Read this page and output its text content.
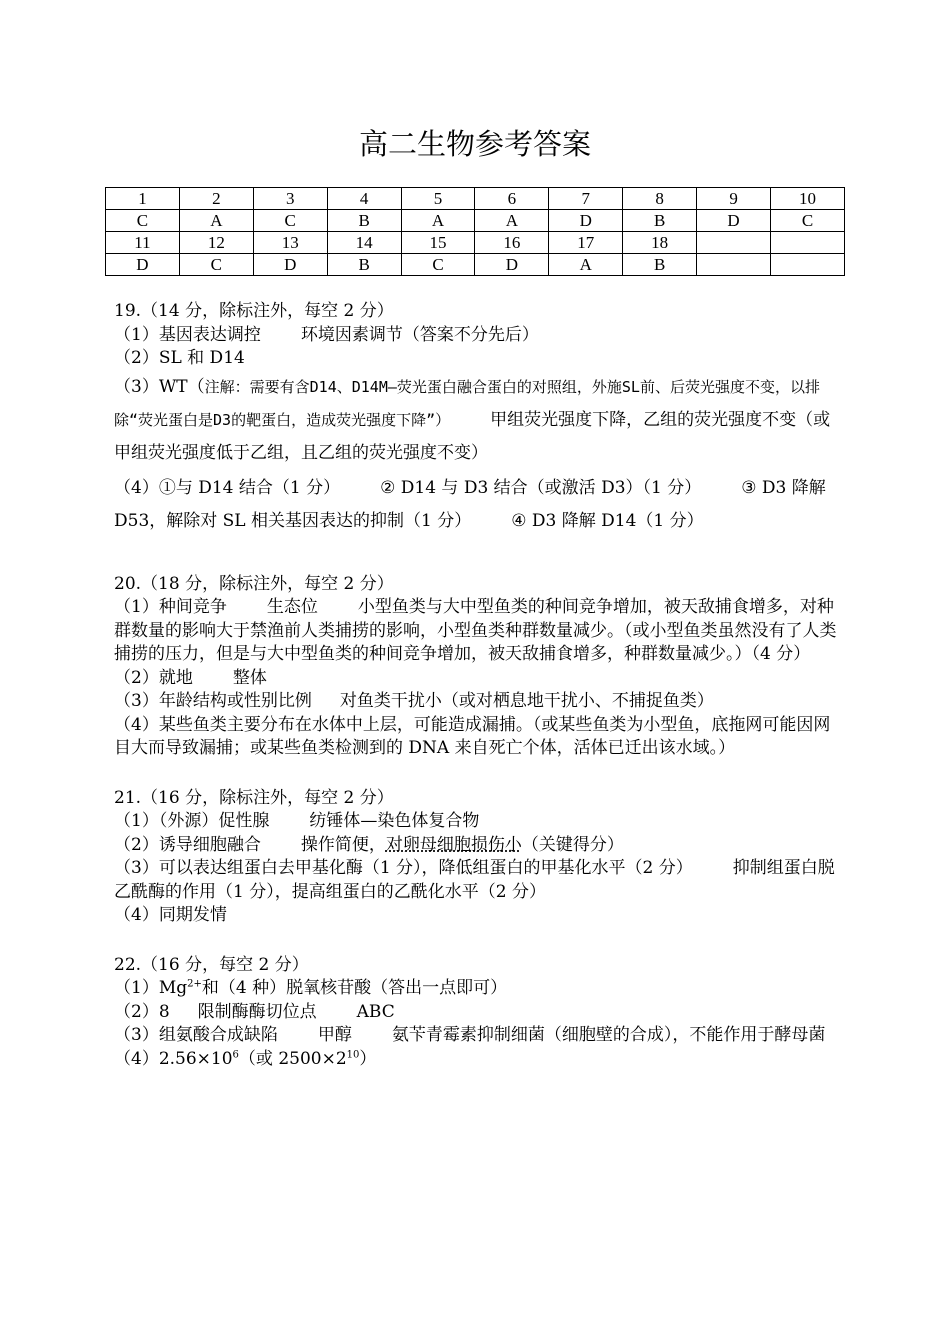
高二生物参考答案
1	2	3	4	5	6	7	8	9	10
C	A	C	B	A	A	D	B	D	C
11	12	13	14	15	16	17	18		
D	C	D	B	C	D	A	B		

19.（14 分，除标注外，每空 2 分）

（1）基因表达调控 环境因素调节（答案不分先后）

（2）SL 和 D14

（3）WT（注解：需要有含D14、D14M—荧光蛋白融合蛋白的对照组，外施SL前、后荧光强度不变，以排除“荧光蛋白是D3的靶蛋白，造成荧光强度下降”） 甲组荧光强度下降，乙组的荧光强度不变（或甲组荧光强度低于乙组，且乙组的荧光强度不变）

（4）①与 D14 结合（1 分） ② D14 与 D3 结合（或激活 D3）（1 分） ③ D3 降解 D53，解除对 SL 相关基因表达的抑制（1 分） ④ D3 降解 D14（1 分）

20.（18 分，除标注外，每空 2 分）

（1）种间竞争 生态位 小型鱼类与大中型鱼类的种间竞争增加，被天敌捕食增多，对种群数量的影响大于禁渔前人类捕捞的影响，小型鱼类种群数量减少。（或小型鱼类虽然没有了人类捕捞的压力，但是与大中型鱼类的种间竞争增加，被天敌捕食增多，种群数量减少。）（4 分）

（2）就地 整体

（3）年龄结构或性别比例 对鱼类干扰小（或对栖息地干扰小、不捕捉鱼类）

（4）某些鱼类主要分布在水体中上层，可能造成漏捕。（或某些鱼类为小型鱼，底拖网可能因网目大而导致漏捕；或某些鱼类检测到的 DNA 来自死亡个体，活体已迁出该水域。）

21.（16 分，除标注外，每空 2 分）

（1）（外源）促性腺 纺锤体—染色体复合物

（2）诱导细胞融合 操作简便，对卵母细胞损伤小（关键得分）

（3）可以表达组蛋白去甲基化酶（1 分），降低组蛋白的甲基化水平（2 分） 抑制组蛋白脱乙酰酶的作用（1 分），提高组蛋白的乙酰化水平（2 分）

（4）同期发情

22.（16 分，每空 2 分）

$(1)Mg^{2+}$和（4 种）脱氧核苷酸（答出一点即可）

（2）8 限制酶酶切位点 ABC

（3）组氨酸合成缺陷 甲醇 氨苄青霉素抑制细菌（细胞壁的合成），不能作用于酵母菌

$(4)2.56\times 10^6$（或 $2500\times 2^{10}$）
